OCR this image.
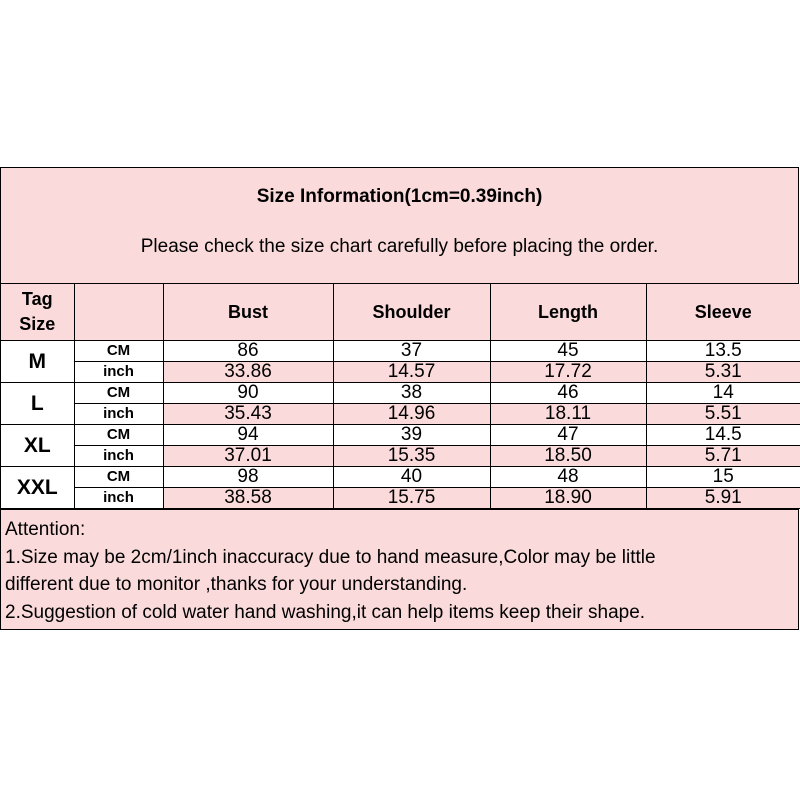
Size Information(1cm=0.39inch)
Please check the size chart carefully before placing the order.
Tag
Size		Bust	Shoulder	Length	Sleeve
M	CM	86	37	45	13.5
	inch	33.86	14.57	17.72	5.31
L	CM	90	38	46	14
	inch	35.43	14.96	18.11	5.51
XL	CM	94	39	47	14.5
	inch	37.01	15.35	18.50	5.71
XXL	CM	98	40	48	15
	inch	38.58	15.75	18.90	5.91
Attention:
1.Size may be 2cm/1inch inaccuracy due to hand measure,Color may be little
different due to monitor ,thanks for your understanding.
2.Suggestion of cold water hand washing,it can help items keep their shape.
